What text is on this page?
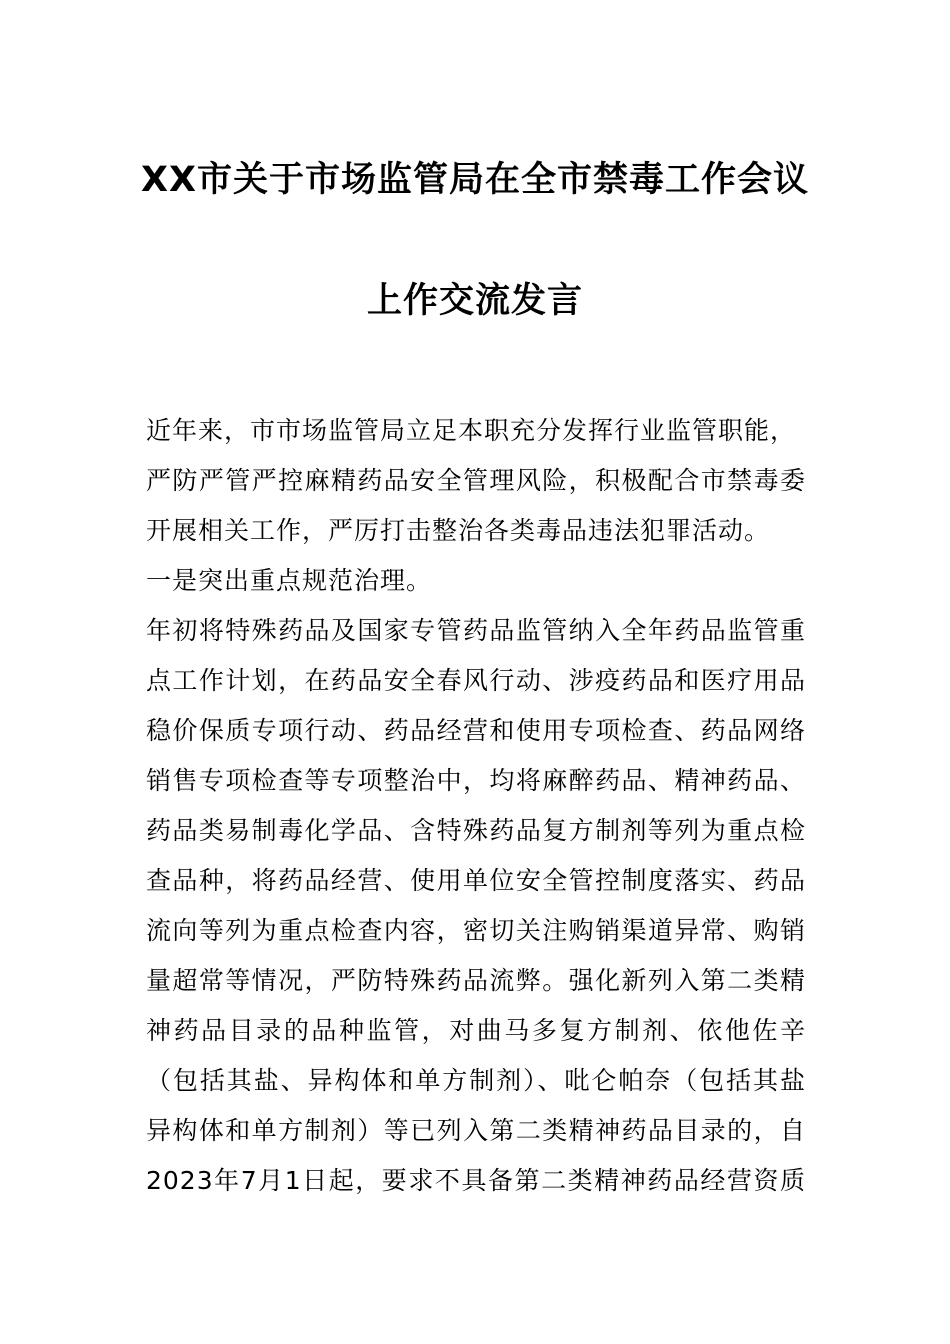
XX市关于市场监管局在全市禁毒工作会议
上作交流发言
近年来，市市场监管局立足本职充分发挥行业监管职能，
严防严管严控麻精药品安全管理风险，积极配合市禁毒委
开展相关工作，严厉打击整治各类毒品违法犯罪活动。
一是突出重点规范治理。
年初将特殊药品及国家专管药品监管纳入全年药品监管重
点工作计划，在药品安全春风行动、涉疫药品和医疗用品
稳价保质专项行动、药品经营和使用专项检查、药品网络
销售专项检查等专项整治中，均将麻醉药品、精神药品、
药品类易制毒化学品、含特殊药品复方制剂等列为重点检
查品种，将药品经营、使用单位安全管控制度落实、药品
流向等列为重点检查内容，密切关注购销渠道异常、购销
量超常等情况，严防特殊药品流弊。强化新列入第二类精
神药品目录的品种监管，对曲马多复方制剂、依他佐辛
（包括其盐、异构体和单方制剂）、吡仑帕奈（包括其盐
异构体和单方制剂）等已列入第二类精神药品目录的，自
2023年7月1日起，要求不具备第二类精神药品经营资质
